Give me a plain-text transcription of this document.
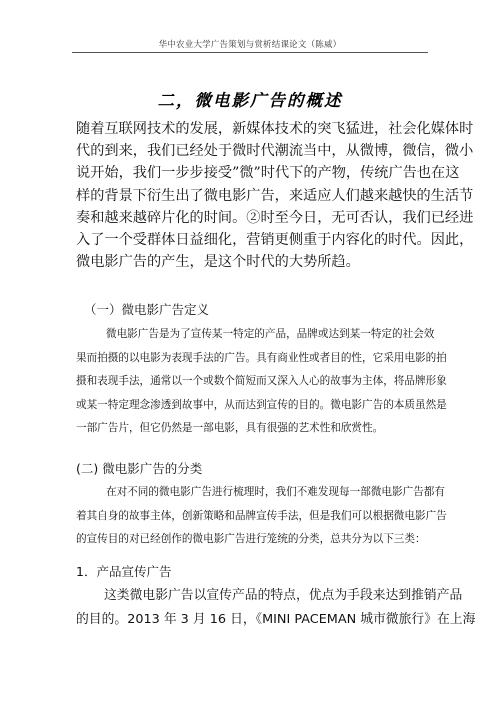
华中农业大学广告策划与赏析结课论文（陈威）
二，微电影广告的概述
随着互联网技术的发展，新媒体技术的突飞猛进，社会化媒体时
代的到来，我们已经处于微时代潮流当中，从微博，微信，微小
说开始，我们一步步接受”微”时代下的产物，传统广告也在这
样的背景下衍生出了微电影广告，来适应人们越来越快的生活节
奏和越来越碎片化的时间。②时至今日，无可否认，我们已经进
入了一个受群体日益细化，营销更侧重于内容化的时代。因此，
微电影广告的产生，是这个时代的大势所趋。
（一）微电影广告定义
微电影广告是为了宣传某一特定的产品，品牌或达到某一特定的社会效
果而拍摄的以电影为表现手法的广告。具有商业性或者目的性，它采用电影的拍
摄和表现手法，通常以一个或数个简短而又深入人心的故事为主体，将品牌形象
或某一特定理念渗透到故事中，从而达到宣传的目的。微电影广告的本质虽然是
一部广告片，但它仍然是一部电影，具有很强的艺术性和欣赏性。
(二) 微电影广告的分类
在对不同的微电影广告进行梳理时，我们不难发现每一部微电影广告都有
着其自身的故事主体，创新策略和品牌宣传手法，但是我们可以根据微电影广告
的宣传目的对已经创作的微电影广告进行笼统的分类，总共分为以下三类：
1．产品宣传广告
这类微电影广告以宣传产品的特点，优点为手段来达到推销产品
的目的。2013 年 3 月 16 日，《MINI PACEMAN 城市微旅行》在上海
